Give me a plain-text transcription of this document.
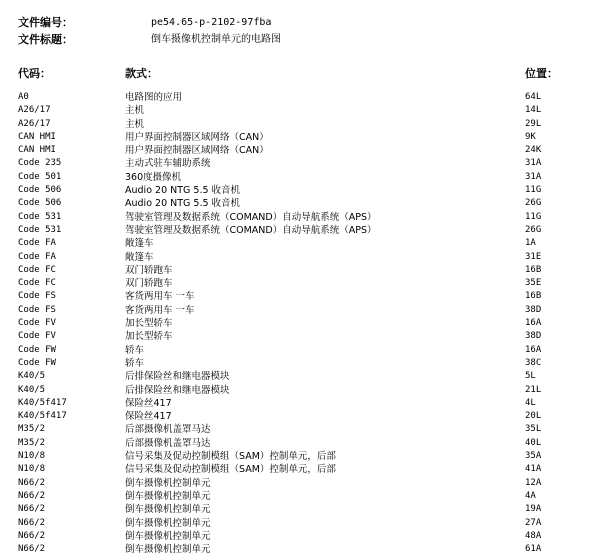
文件编号：	pe54.65-p-2102-97fba
文件标题：	倒车摄像机控制单元的电路图
代码：	款式：	位置：
A0	电路图的应用	64L
A26/17	主机	14L
A26/17	主机	29L
CAN HMI	用户界面控制器区域网络（CAN）	9K
CAN HMI	用户界面控制器区域网络（CAN）	24K
Code 235	主动式驻车辅助系统	31A
Code 501	360度摄像机	31A
Code 506	Audio 20 NTG 5.5 收音机	11G
Code 506	Audio 20 NTG 5.5 收音机	26G
Code 531	驾驶室管理及数据系统（COMAND）自动导航系统（APS）	11G
Code 531	驾驶室管理及数据系统（COMAND）自动导航系统（APS）	26G
Code FA	敞篷车	1A
Code FA	敞篷车	31E
Code FC	双门轿跑车	16B
Code FC	双门轿跑车	35E
Code FS	客货两用车 一车	16B
Code FS	客货两用车 一车	38D
Code FV	加长型轿车	16A
Code FV	加长型轿车	38D
Code FW	轿车	16A
Code FW	轿车	38C
K40/5	后排保险丝和继电器模块	5L
K40/5	后排保险丝和继电器模块	21L
K40/5f417	保险丝417	4L
K40/5f417	保险丝417	20L
M35/2	后部摄像机盖罩马达	35L
M35/2	后部摄像机盖罩马达	40L
N10/8	信号采集及促动控制模组（SAM）控制单元，后部	35A
N10/8	信号采集及促动控制模组（SAM）控制单元，后部	41A
N66/2	倒车摄像机控制单元	12A
N66/2	倒车摄像机控制单元	4A
N66/2	倒车摄像机控制单元	19A
N66/2	倒车摄像机控制单元	27A
N66/2	倒车摄像机控制单元	48A
N66/2	倒车摄像机控制单元	61A
